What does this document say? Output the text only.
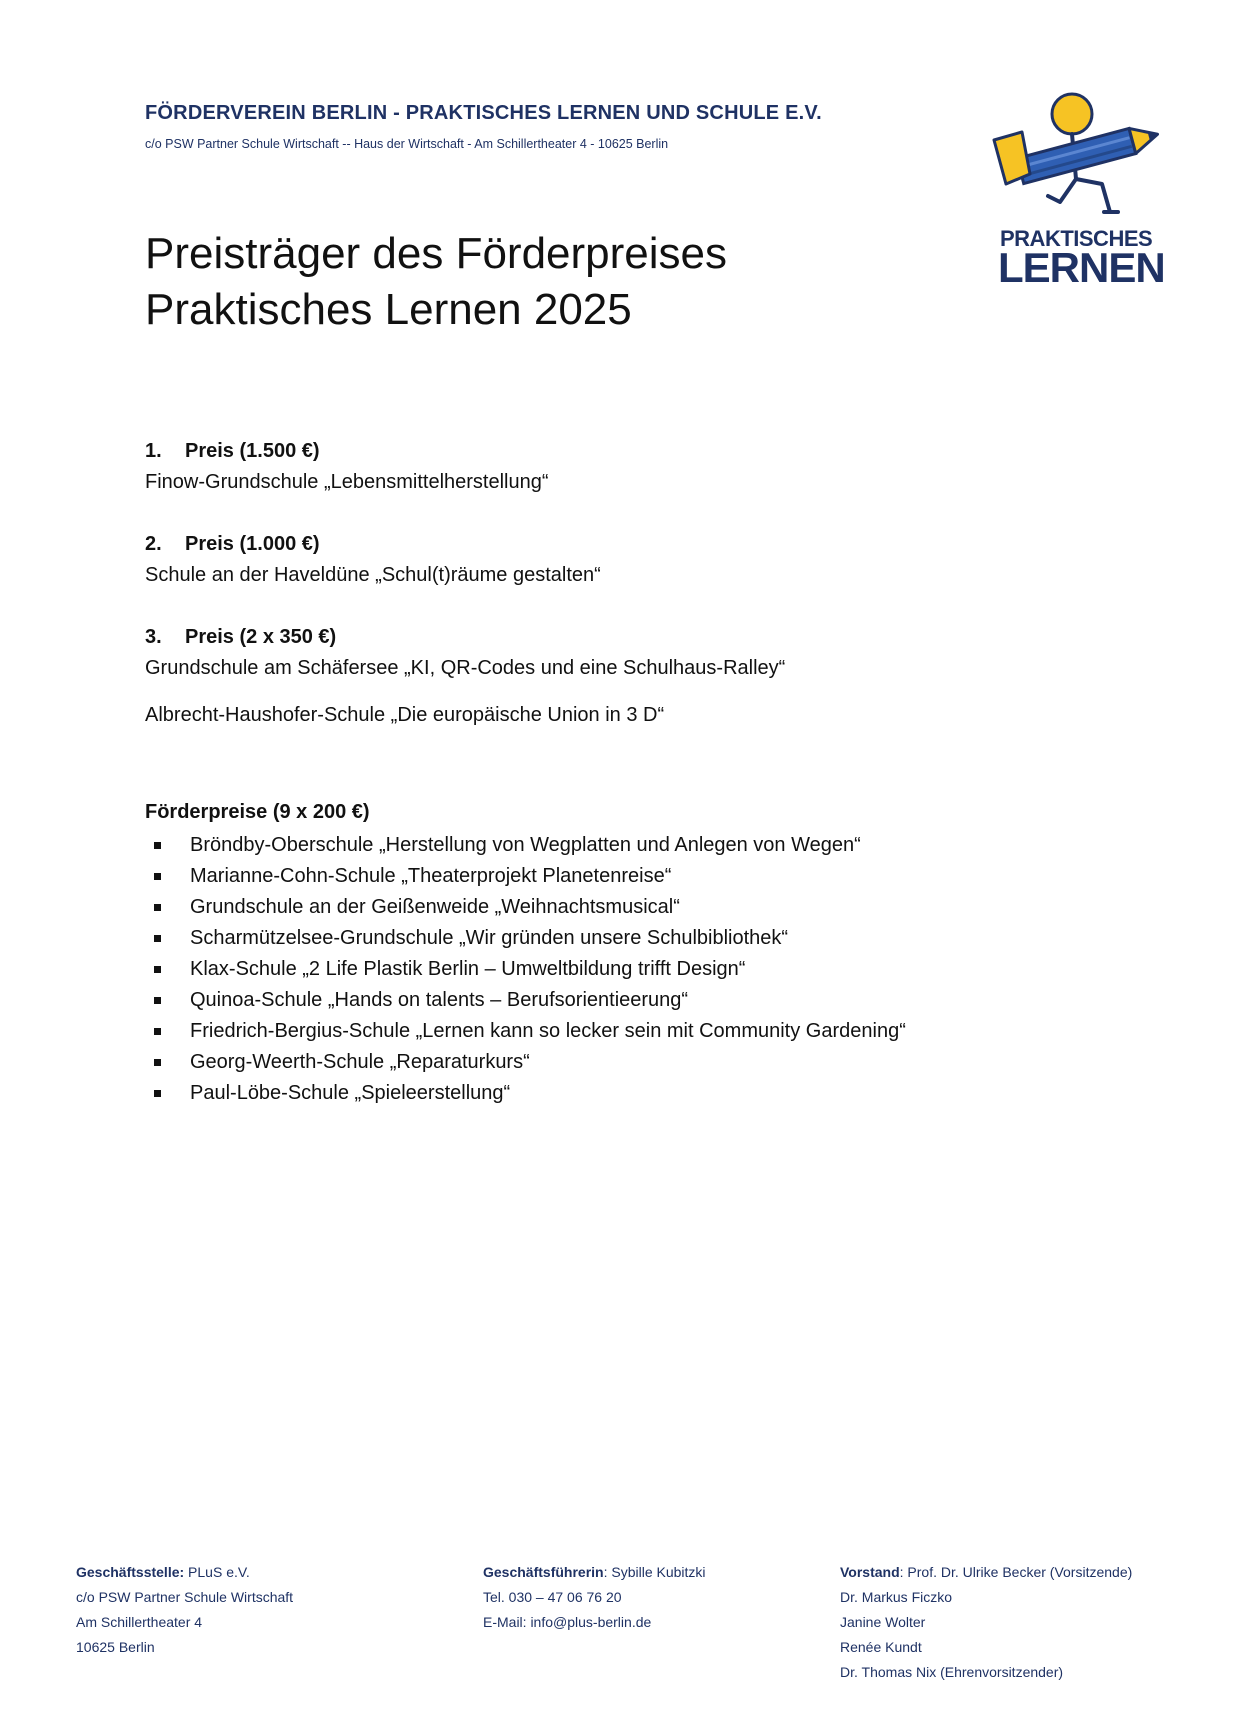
FÖRDERVEREIN BERLIN - PRAKTISCHES LERNEN UND SCHULE E.V.
c/o PSW Partner Schule Wirtschaft -- Haus der Wirtschaft - Am Schillertheater 4 - 10625 Berlin
PRAKTISCHES
LERNEN
Preisträger des Förderpreises
Praktisches Lernen 2025
1. Preis (1.500 €)
Finow-Grundschule „Lebensmittelherstellung“
2. Preis (1.000 €)
Schule an der Haveldüne „Schul(t)räume gestalten“
3. Preis (2 x 350 €)
Grundschule am Schäfersee „KI, QR-Codes und eine Schulhaus-Ralley“
Albrecht-Haushofer-Schule „Die europäische Union in 3 D“
Förderpreise (9 x 200 €)
Bröndby-Oberschule „Herstellung von Wegplatten und Anlegen von Wegen“
Marianne-Cohn-Schule „Theaterprojekt Planetenreise“
Grundschule an der Geißenweide „Weihnachtsmusical“
Scharmützelsee-Grundschule „Wir gründen unsere Schulbibliothek“
Klax-Schule „2 Life Plastik Berlin – Umweltbildung trifft Design“
Quinoa-Schule „Hands on talents – Berufsorientieerung“
Friedrich-Bergius-Schule „Lernen kann so lecker sein mit Community Gardening“
Georg-Weerth-Schule „Reparaturkurs“
Paul-Löbe-Schule „Spieleerstellung“
Geschäftsstelle: PLuS e.V.
c/o PSW Partner Schule Wirtschaft
Am Schillertheater 4
10625 Berlin
Geschäftsführerin: Sybille Kubitzki
Tel. 030 – 47 06 76 20
E-Mail: info@plus-berlin.de
Vorstand: Prof. Dr. Ulrike Becker (Vorsitzende)
Dr. Markus Ficzko
Janine Wolter
Renée Kundt
Dr. Thomas Nix (Ehrenvorsitzender)
